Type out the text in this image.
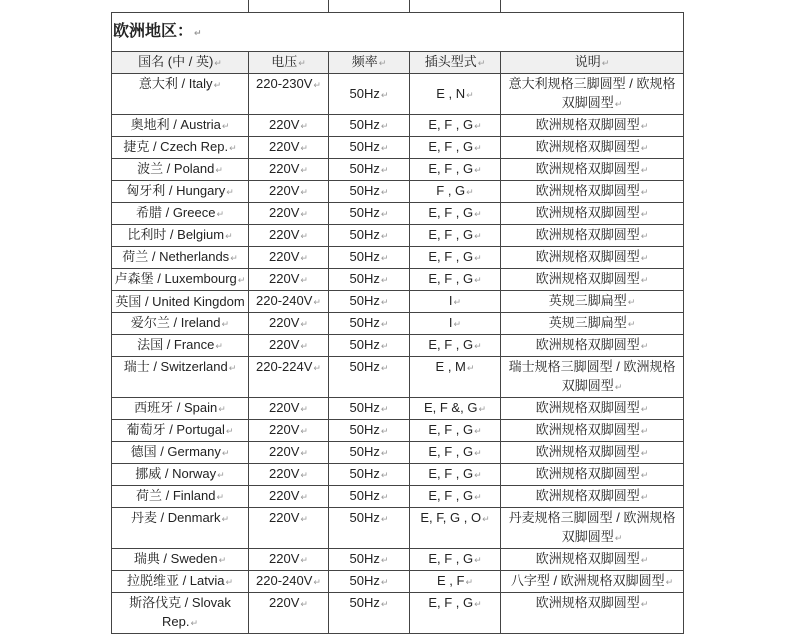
欧洲地区： ↵
国名 (中 / 英) ↵	电压 ↵	频率 ↵	插头型式 ↵	说明 ↵
意大利 / Italy ↵	220-230V ↵	50Hz ↵	E , N ↵	意大利规格三脚圆型 / 欧规格双脚圆型 ↵
奥地利 / Austria ↵	220V ↵	50Hz ↵	E, F , G ↵	欧洲规格双脚圆型 ↵
捷克 / Czech Rep. ↵	220V ↵	50Hz ↵	E, F , G ↵	欧洲规格双脚圆型 ↵
波兰 / Poland ↵	220V ↵	50Hz ↵	E, F , G ↵	欧洲规格双脚圆型 ↵
匈牙利 / Hungary ↵	220V ↵	50Hz ↵	F , G ↵	欧洲规格双脚圆型 ↵
希腊 / Greece ↵	220V ↵	50Hz ↵	E, F , G ↵	欧洲规格双脚圆型 ↵
比利时 / Belgium ↵	220V ↵	50Hz ↵	E, F , G ↵	欧洲规格双脚圆型 ↵
荷兰 / Netherlands ↵	220V ↵	50Hz ↵	E, F , G ↵	欧洲规格双脚圆型 ↵
卢森堡 / Luxembourg ↵	220V ↵	50Hz ↵	E, F , G ↵	欧洲规格双脚圆型 ↵
英国 / United Kingdom	220-240V ↵	50Hz ↵	I ↵	英规三脚扁型 ↵
爱尔兰 / Ireland ↵	220V ↵	50Hz ↵	I ↵	英规三脚扁型 ↵
法国 / France ↵	220V ↵	50Hz ↵	E, F , G ↵	欧洲规格双脚圆型 ↵
瑞士 / Switzerland ↵	220-224V ↵	50Hz ↵	E , M ↵	瑞士规格三脚圆型 / 欧洲规格双脚圆型 ↵
西班牙 / Spain ↵	220V ↵	50Hz ↵	E, F &, G ↵	欧洲规格双脚圆型 ↵
葡萄牙 / Portugal ↵	220V ↵	50Hz ↵	E, F , G ↵	欧洲规格双脚圆型 ↵
德国 / Germany ↵	220V ↵	50Hz ↵	E, F , G ↵	欧洲规格双脚圆型 ↵
挪威 / Norway ↵	220V ↵	50Hz ↵	E, F , G ↵	欧洲规格双脚圆型 ↵
荷兰 / Finland ↵	220V ↵	50Hz ↵	E, F , G ↵	欧洲规格双脚圆型 ↵
丹麦 / Denmark ↵	220V ↵	50Hz ↵	E, F, G , O ↵	丹麦规格三脚圆型 / 欧洲规格双脚圆型 ↵
瑞典 / Sweden ↵	220V ↵	50Hz ↵	E, F , G ↵	欧洲规格双脚圆型 ↵
拉脱维亚 / Latvia ↵	220-240V ↵	50Hz ↵	E , F ↵	八字型 / 欧洲规格双脚圆型 ↵
斯洛伐克 / Slovak Rep. ↵	220V ↵	50Hz ↵	E, F , G ↵	欧洲规格双脚圆型 ↵
